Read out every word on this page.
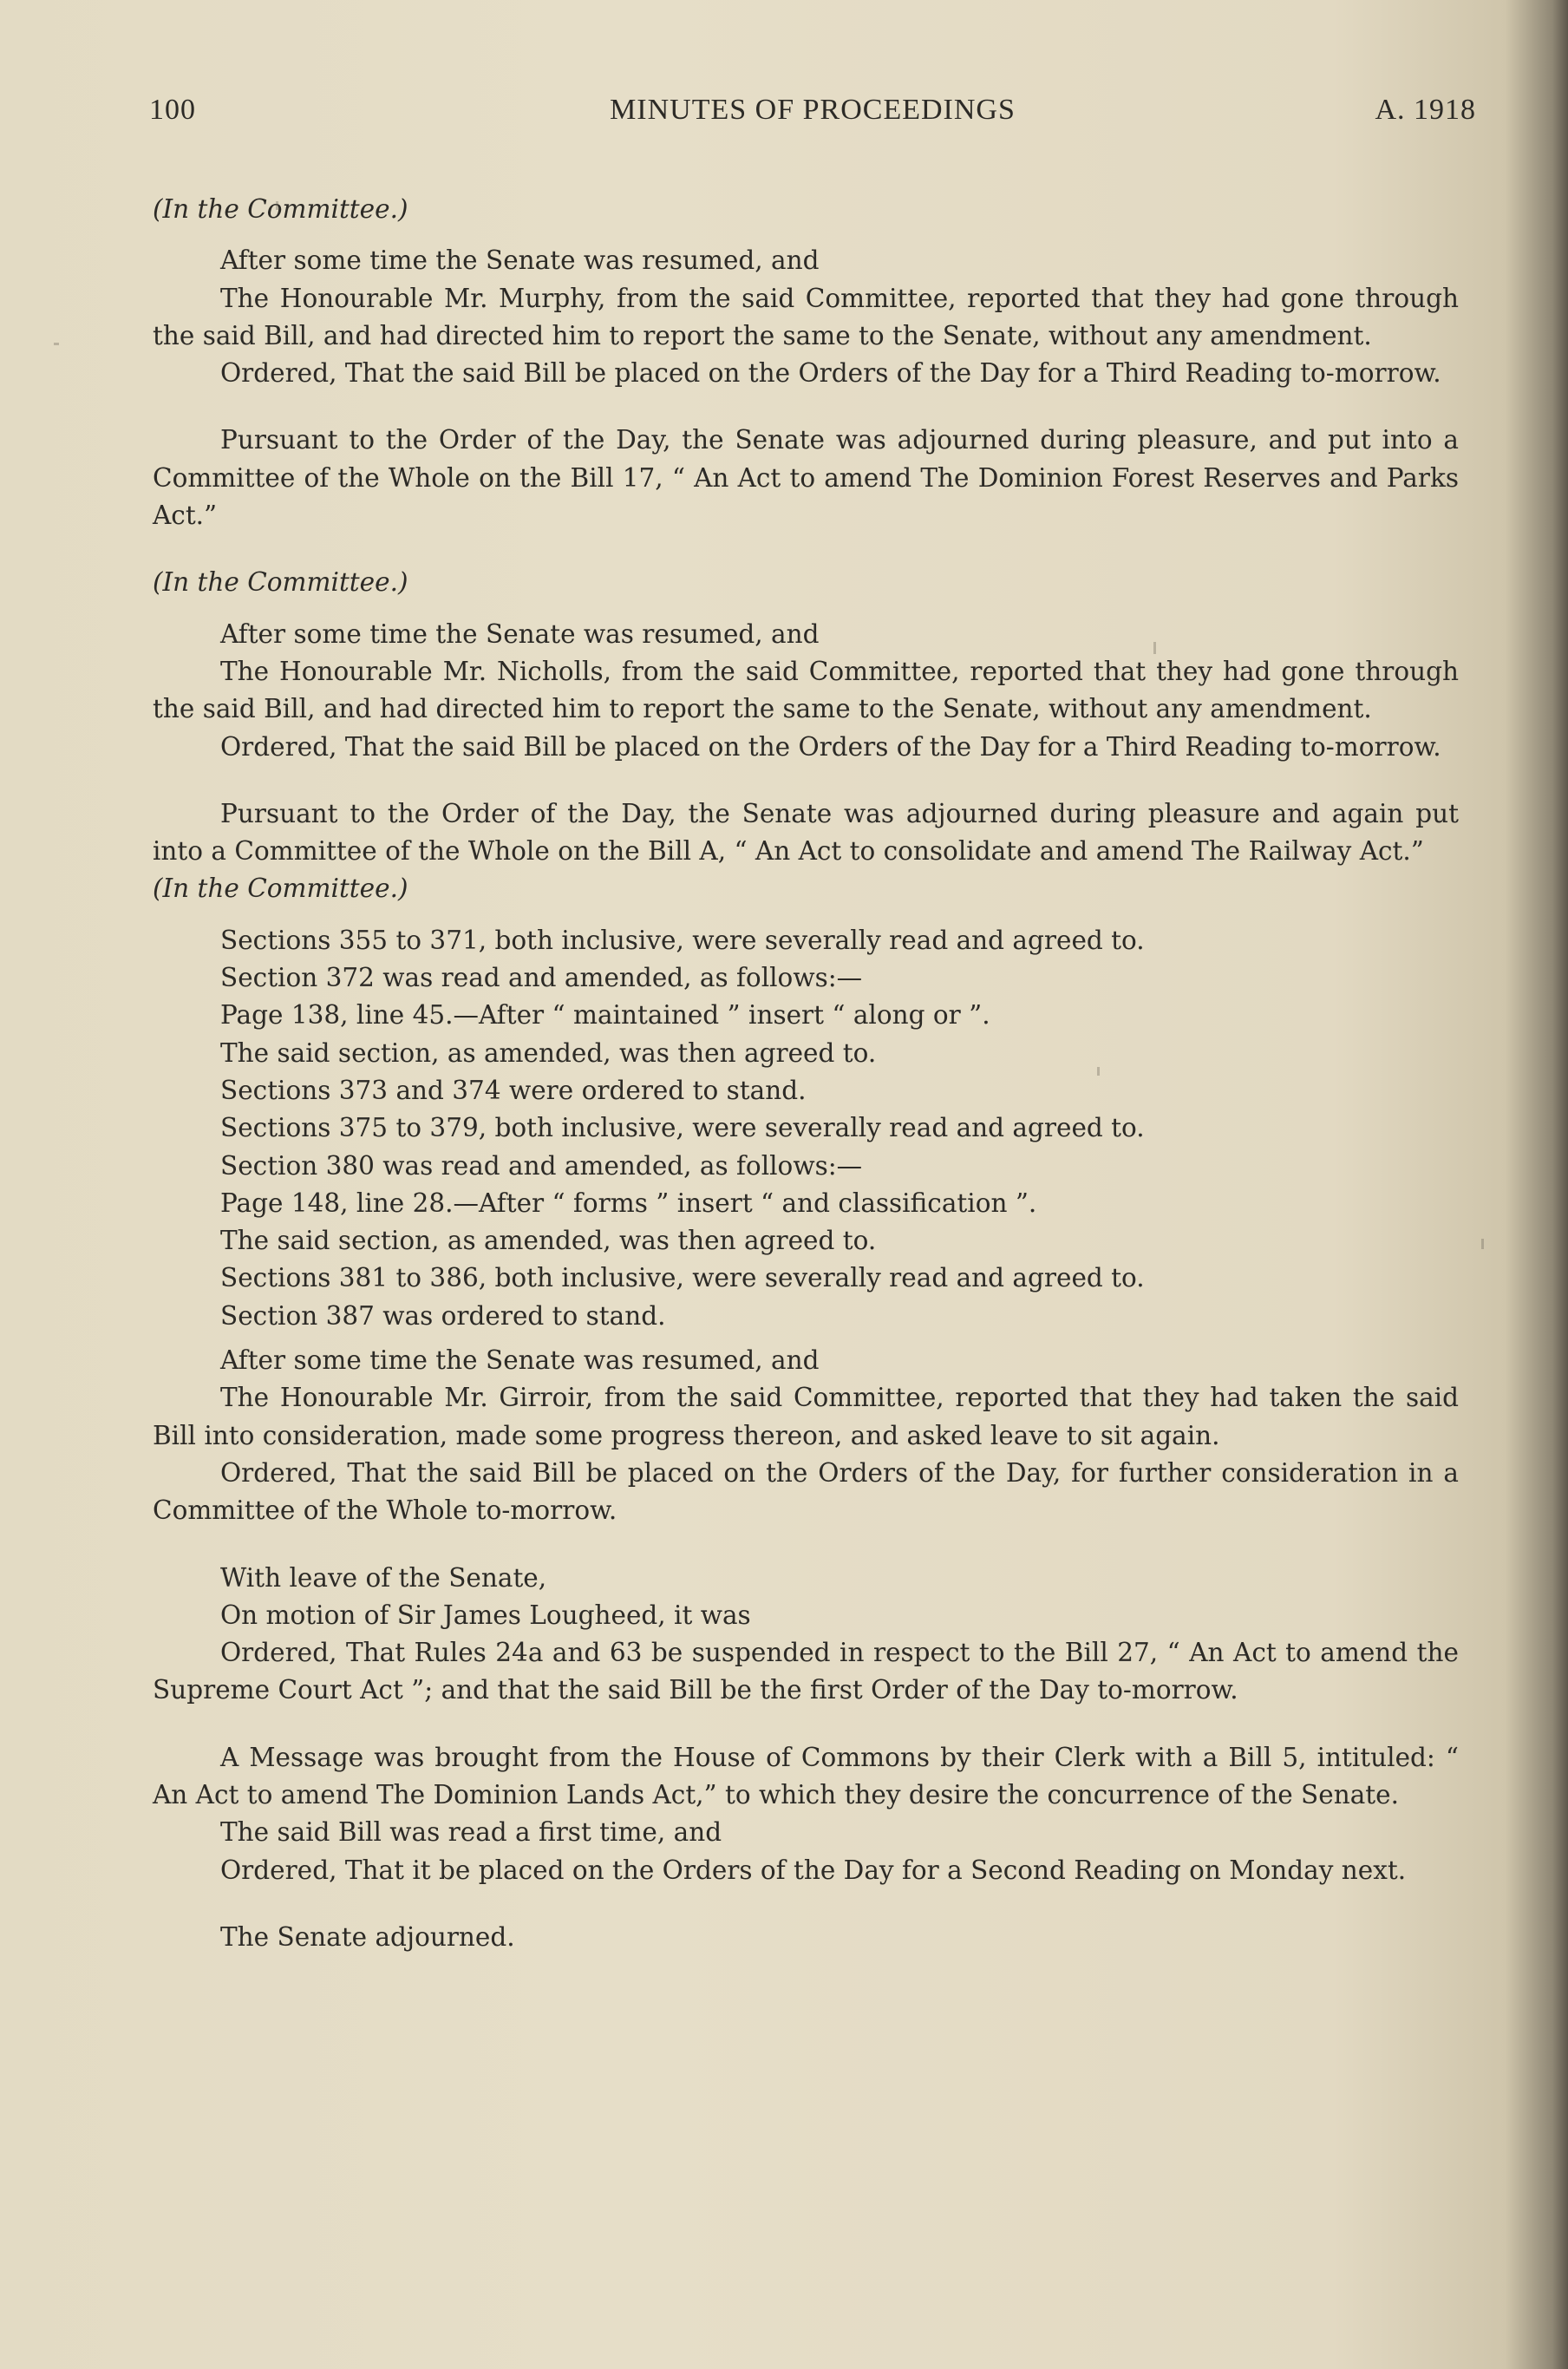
100	MINUTES OF PROCEEDINGS	A. 1918

(In the Committee.)

After some time the Senate was resumed, and

The Honourable Mr. Murphy, from the said Committee, reported that they had gone through the said Bill, and had directed him to report the same to the Senate, without any amendment.

Ordered, That the said Bill be placed on the Orders of the Day for a Third Reading to-morrow.

Pursuant to the Order of the Day, the Senate was adjourned during pleasure, and put into a Committee of the Whole on the Bill 17, “ An Act to amend The Dominion Forest Reserves and Parks Act.”

(In the Committee.)

After some time the Senate was resumed, and

The Honourable Mr. Nicholls, from the said Committee, reported that they had gone through the said Bill, and had directed him to report the same to the Senate, without any amendment.

Ordered, That the said Bill be placed on the Orders of the Day for a Third Reading to-morrow.

Pursuant to the Order of the Day, the Senate was adjourned during pleasure and again put into a Committee of the Whole on the Bill A, “ An Act to consolidate and amend The Railway Act.”

(In the Committee.)

Sections 355 to 371, both inclusive, were severally read and agreed to.

Section 372 was read and amended, as follows:—

Page 138, line 45.—After “ maintained ” insert “ along or ”.

The said section, as amended, was then agreed to.

Sections 373 and 374 were ordered to stand.

Sections 375 to 379, both inclusive, were severally read and agreed to.

Section 380 was read and amended, as follows:—

Page 148, line 28.—After “ forms ” insert “ and classification ”.

The said section, as amended, was then agreed to.

Sections 381 to 386, both inclusive, were severally read and agreed to.

Section 387 was ordered to stand.

After some time the Senate was resumed, and

The Honourable Mr. Girroir, from the said Committee, reported that they had taken the said Bill into consideration, made some progress thereon, and asked leave to sit again.

Ordered, That the said Bill be placed on the Orders of the Day, for further consideration in a Committee of the Whole to-morrow.

With leave of the Senate,

On motion of Sir James Lougheed, it was

Ordered, That Rules 24a and 63 be suspended in respect to the Bill 27, “ An Act to amend the Supreme Court Act ”; and that the said Bill be the first Order of the Day to-morrow.

A Message was brought from the House of Commons by their Clerk with a Bill 5, intituled: “ An Act to amend The Dominion Lands Act,” to which they desire the concurrence of the Senate.

The said Bill was read a first time, and

Ordered, That it be placed on the Orders of the Day for a Second Reading on Monday next.

The Senate adjourned.
